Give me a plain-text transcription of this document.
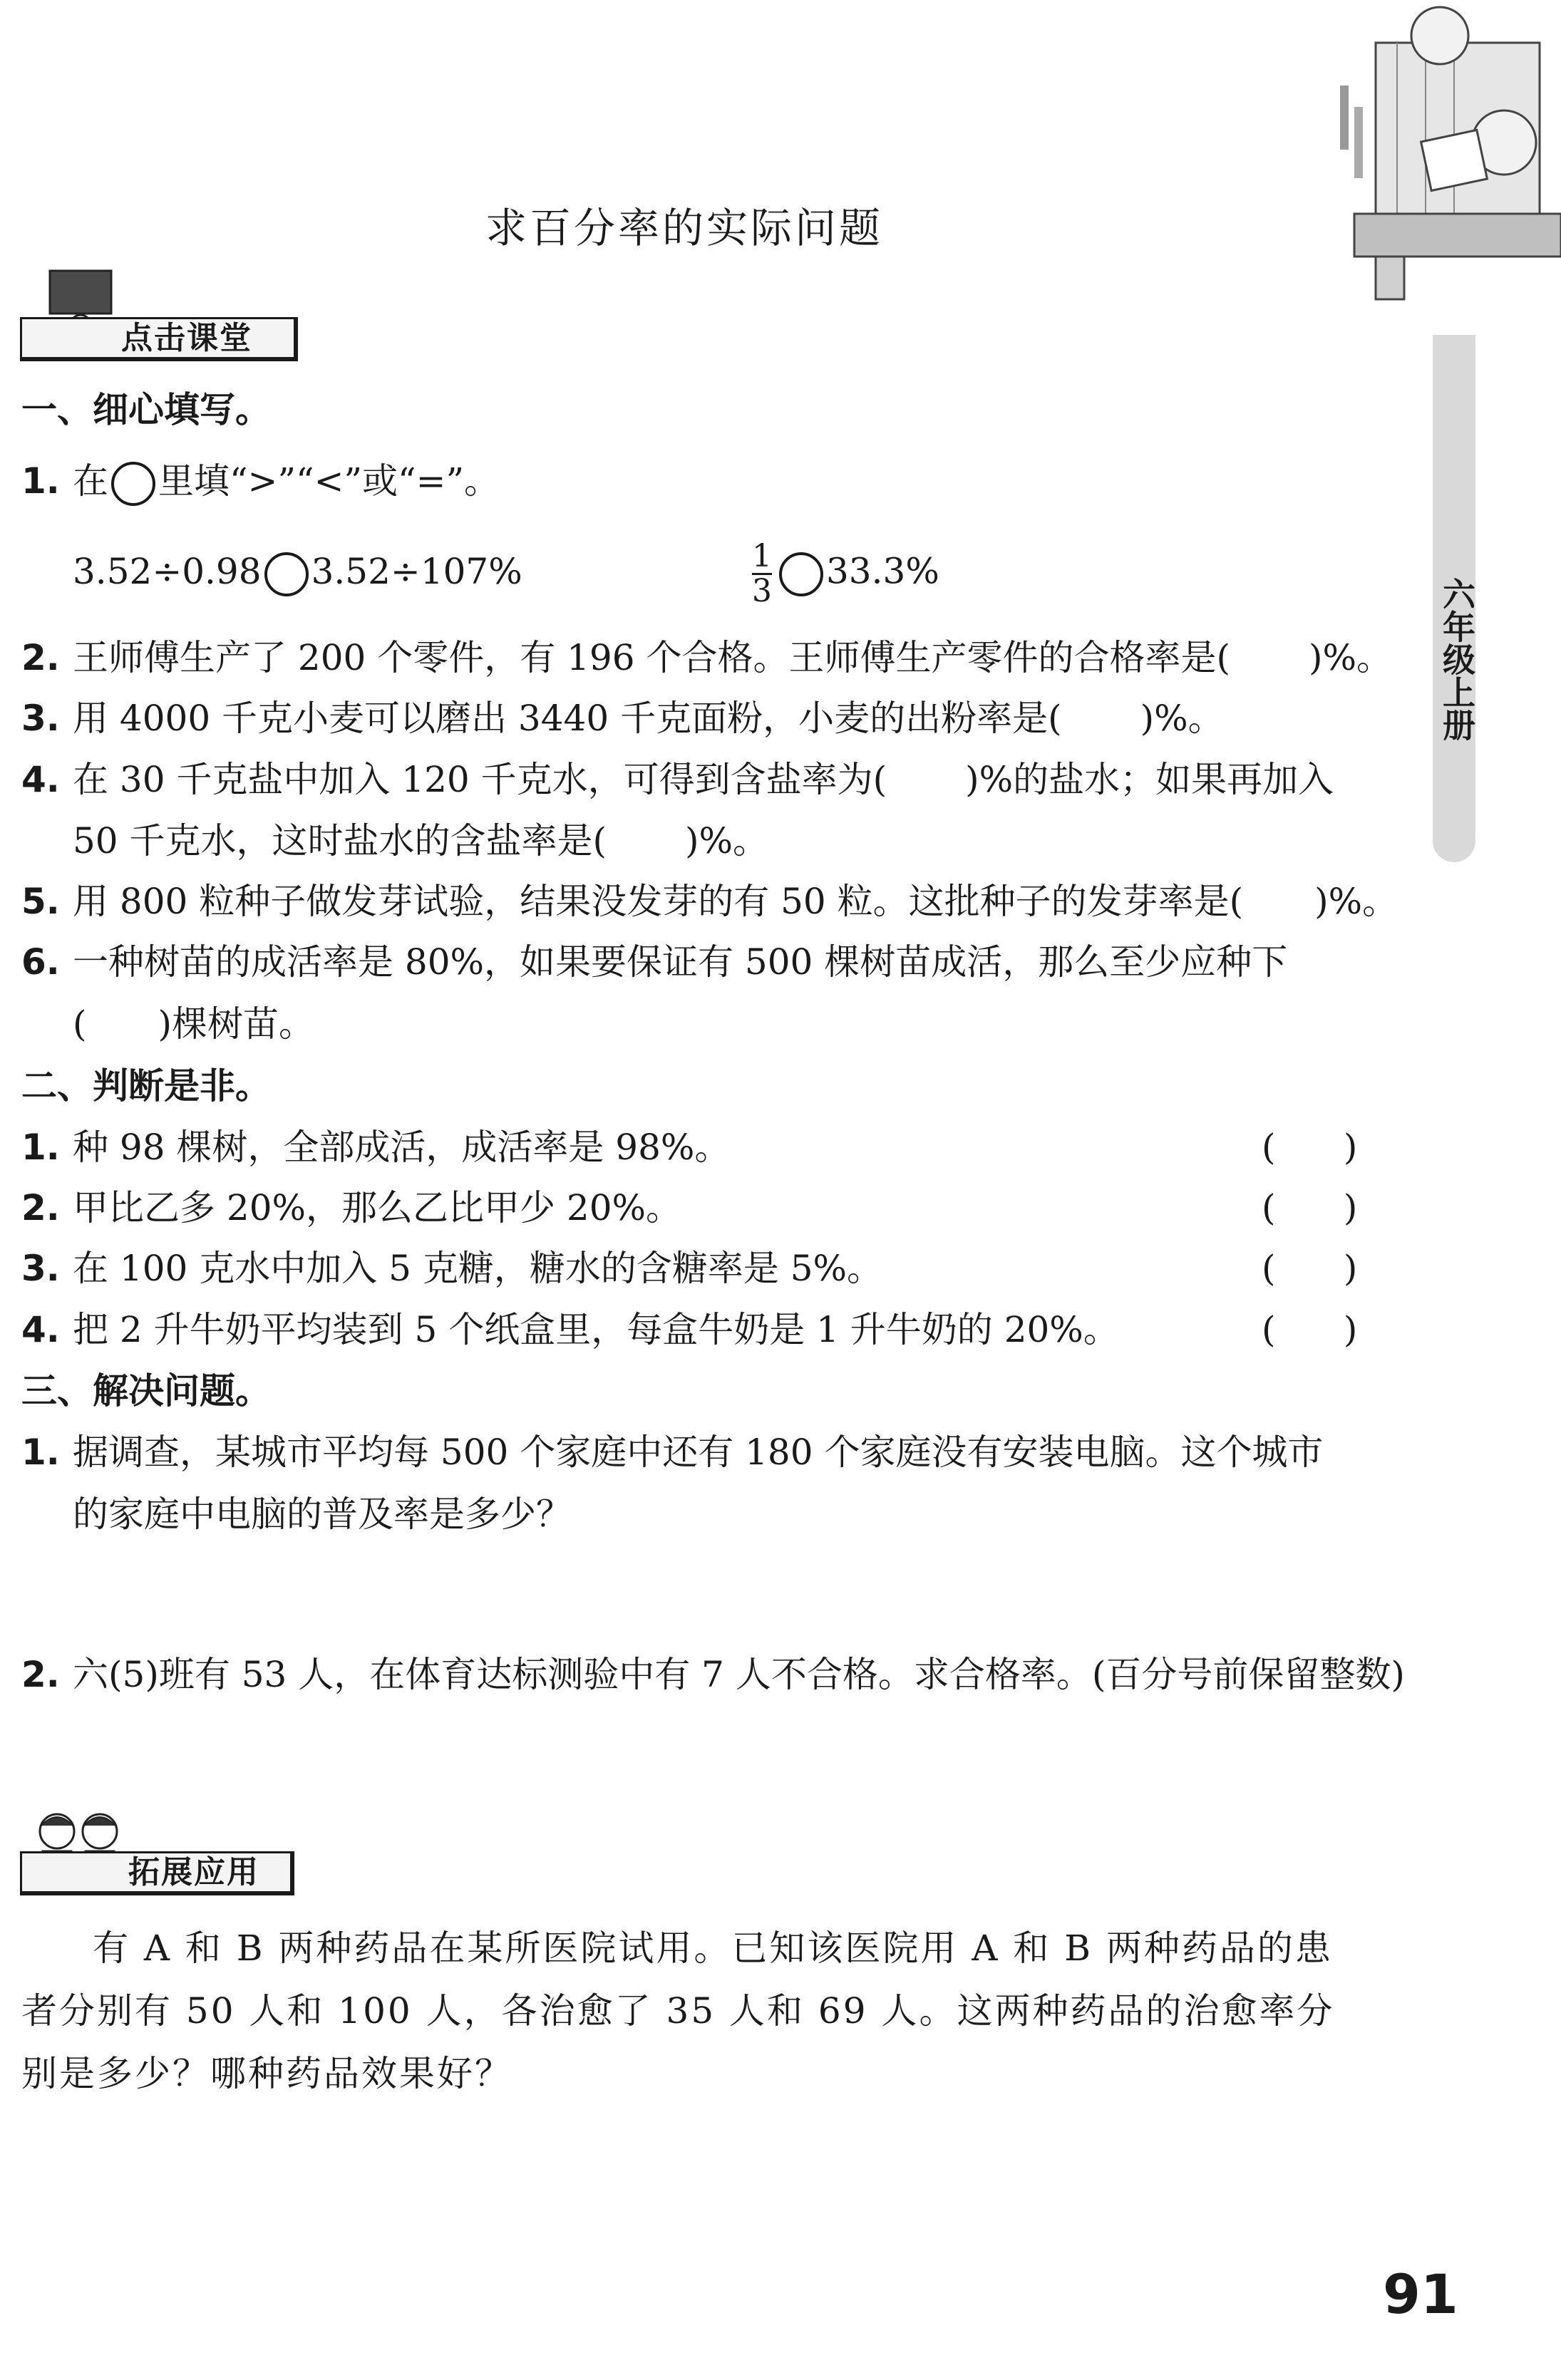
六年级上册
求百分率的实际问题
点击课堂
一、细心填写。
1. 在 里填“>”“<”或“=”。
3.52÷0.98 3.52÷107%	$\frac{1}{3} 33.3\%$
2. 王师傅生产了 200 个零件，有 196 个合格。王师傅生产零件的合格率是( )%。
3. 用 4000 千克小麦可以磨出 3440 千克面粉，小麦的出粉率是( )%。
4. 在 30 千克盐中加入 120 千克水，可得到含盐率为( )%的盐水；如果再加入
50 千克水，这时盐水的含盐率是( )%。
5. 用 800 粒种子做发芽试验，结果没发芽的有 50 粒。这批种子的发芽率是( )%。
6. 一种树苗的成活率是 80%，如果要保证有 500 棵树苗成活，那么至少应种下
( )棵树苗。
二、判断是非。
1. 种 98 棵树，全部成活，成活率是 98%。	(      )
2. 甲比乙多 20%，那么乙比甲少 20%。	(      )
3. 在 100 克水中加入 5 克糖，糖水的含糖率是 5%。	(      )
4. 把 2 升牛奶平均装到 5 个纸盒里，每盒牛奶是 1 升牛奶的 20%。	(      )
三、解决问题。
1. 据调查，某城市平均每 500 个家庭中还有 180 个家庭没有安装电脑。这个城市
的家庭中电脑的普及率是多少？
2. 六(5)班有 53 人，在体育达标测验中有 7 人不合格。求合格率。(百分号前保留整数)
拓展应用
有 A 和 B 两种药品在某所医院试用。已知该医院用 A 和 B 两种药品的患者分别有 50 人和 100 人，各治愈了 35 人和 69 人。这两种药品的治愈率分别是多少？哪种药品效果好？
91
